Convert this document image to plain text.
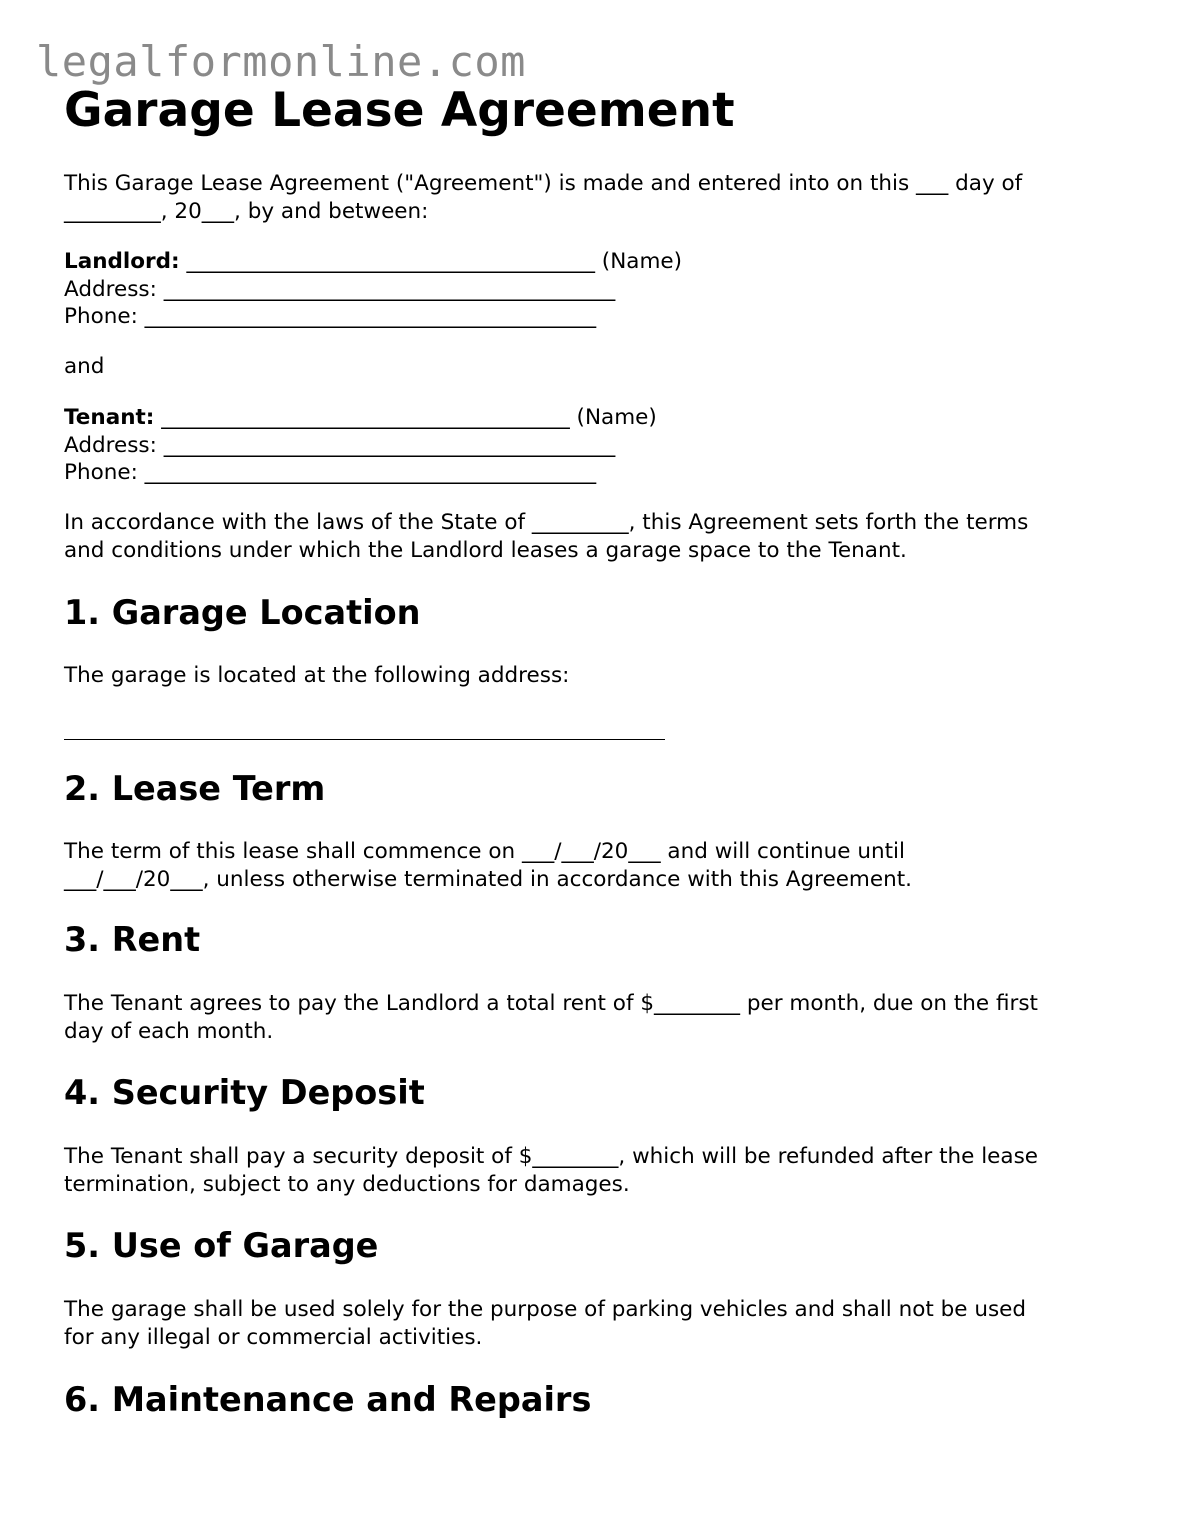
legalformonline.com
Garage Lease Agreement

This Garage Lease Agreement ("Agreement") is made and entered into on this ___ day of
_________, 20___, by and between:

Landlord: ______________________________________ (Name)
Address: __________________________________________
Phone: __________________________________________

and

Tenant: ______________________________________ (Name)
Address: __________________________________________
Phone: __________________________________________

In accordance with the laws of the State of _________, this Agreement sets forth the terms
and conditions under which the Landlord leases a garage space to the Tenant.

1. Garage Location

The garage is located at the following address:

2. Lease Term

The term of this lease shall commence on ___/___/20___ and will continue until
___/___/20___, unless otherwise terminated in accordance with this Agreement.

3. Rent

The Tenant agrees to pay the Landlord a total rent of $________ per month, due on the first
day of each month.

4. Security Deposit

The Tenant shall pay a security deposit of $________, which will be refunded after the lease
termination, subject to any deductions for damages.

5. Use of Garage

The garage shall be used solely for the purpose of parking vehicles and shall not be used
for any illegal or commercial activities.

6. Maintenance and Repairs
